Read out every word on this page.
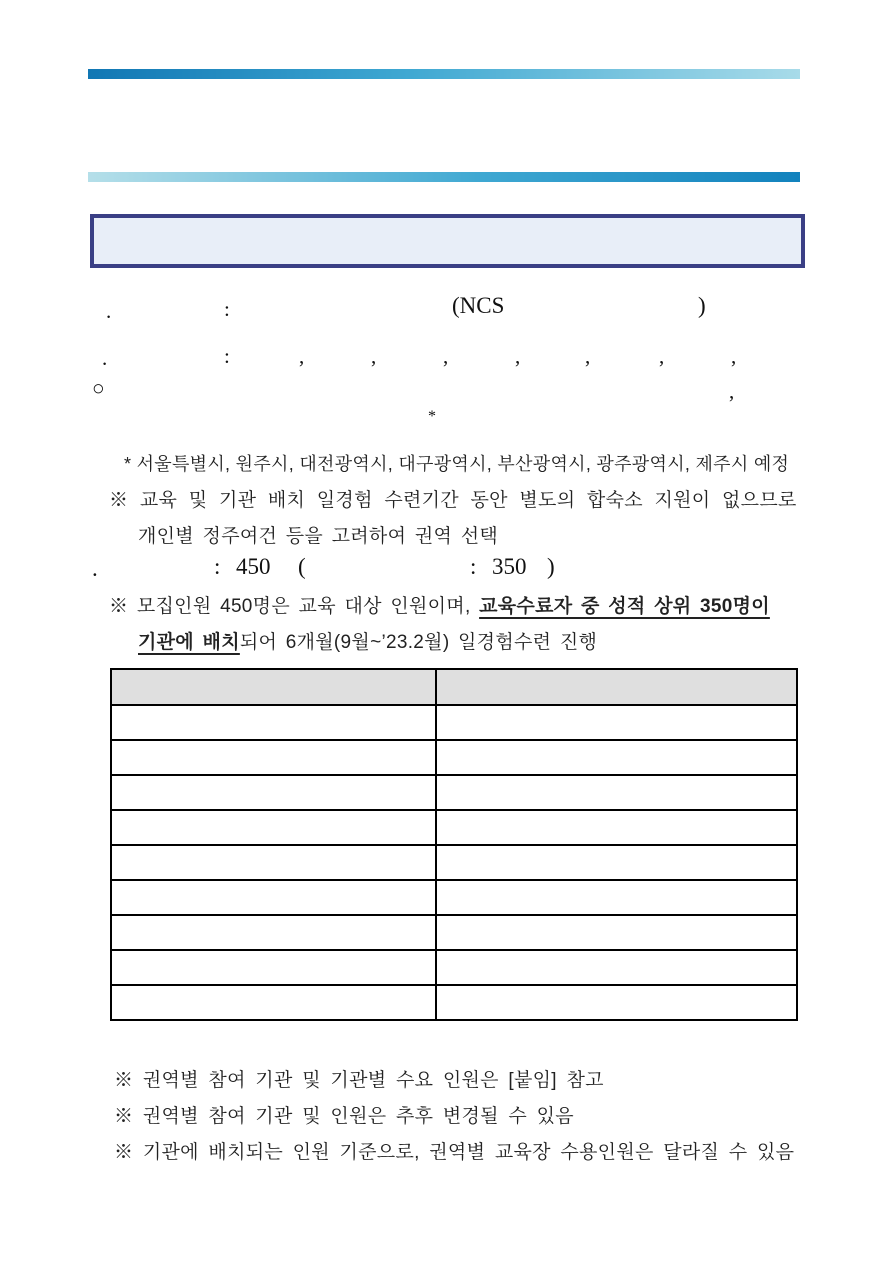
.	:	(NCS	)
.	:	,	,	,	,	,	,	,
○	,
*
* 서울특별시, 원주시, 대전광역시, 대구광역시, 부산광역시, 광주광역시, 제주시 예정
※ 교육 및 기관 배치 일경험 수련기간 동안 별도의 합숙소 지원이 없으므로
개인별 정주여건 등을 고려하여 권역 선택
.	: 450 (	: 350 )
※ 모집인원 450명은 교육 대상 인원이며, 교육수료자 중 성적 상위 350명이
기관에 배치되어 6개월(9월~’23.2월) 일경험수련 진행

※ 권역별 참여 기관 및 기관별 수요 인원은 [붙임] 참고
※ 권역별 참여 기관 및 인원은 추후 변경될 수 있음
※ 기관에 배치되는 인원 기준으로, 권역별 교육장 수용인원은 달라질 수 있음
